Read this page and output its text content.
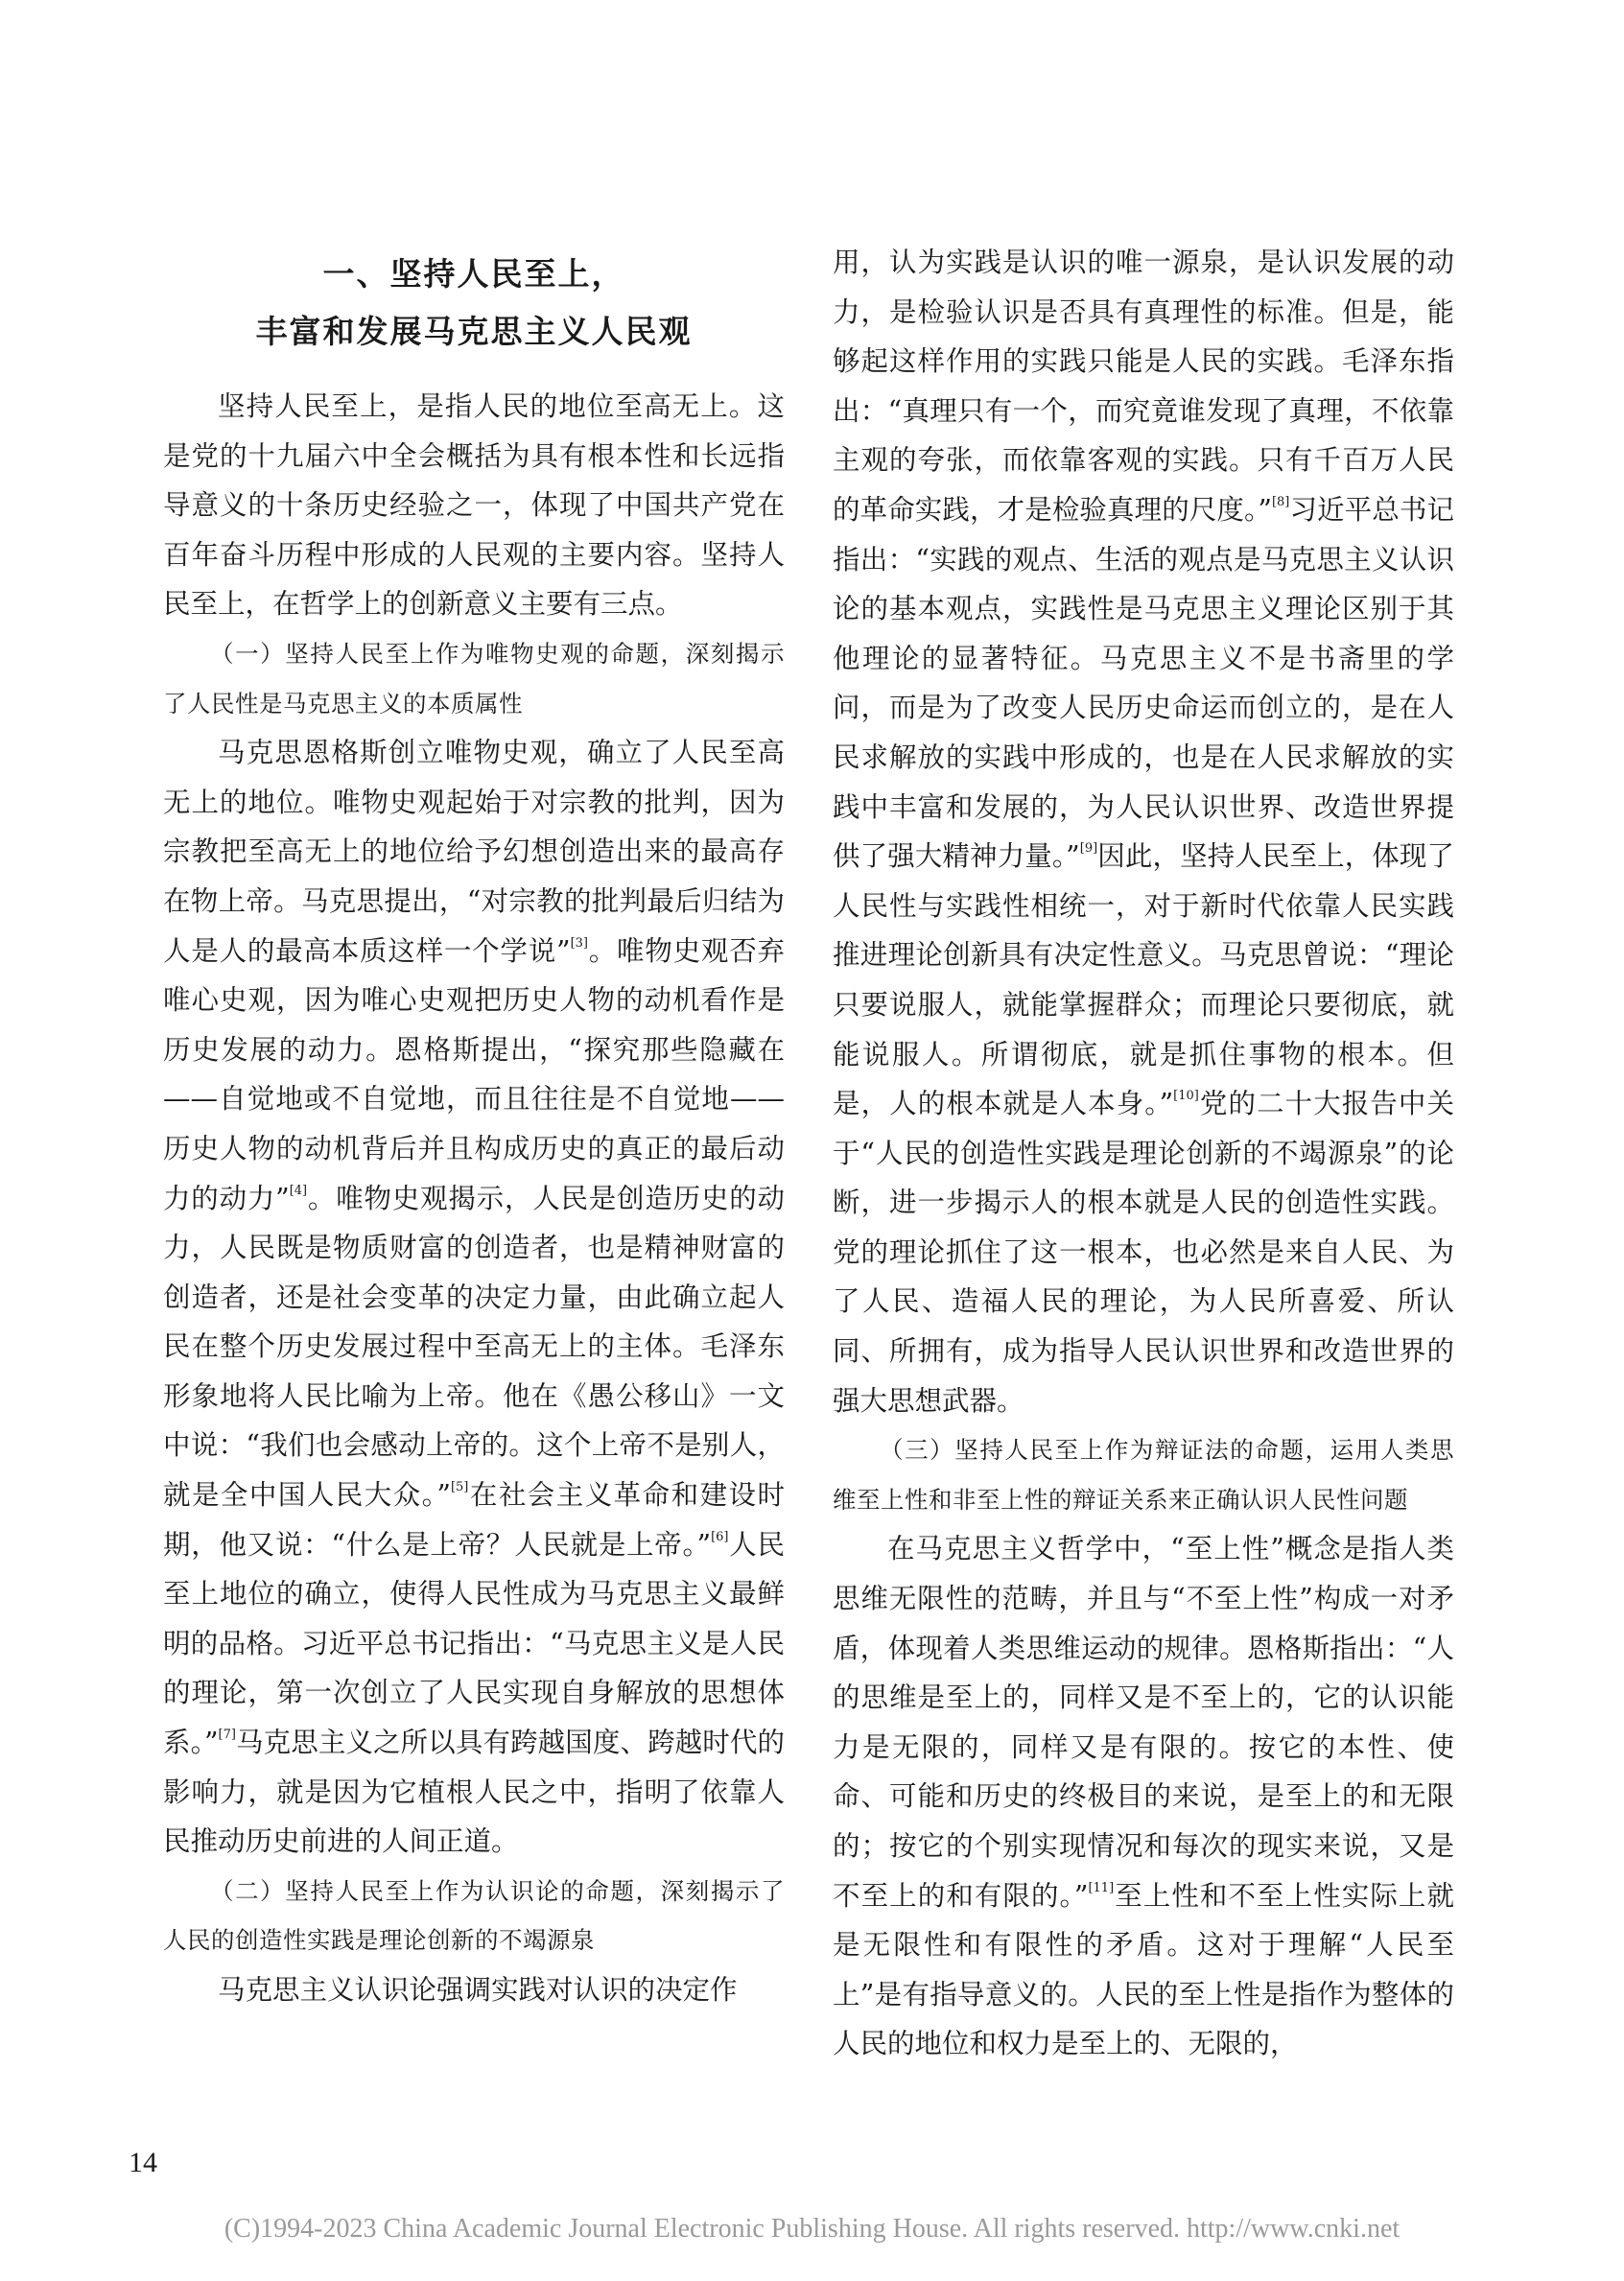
一、坚持人民至上，
丰富和发展马克思主义人民观

坚持人民至上，是指人民的地位至高无上。这是党的十九届六中全会概括为具有根本性和长远指导意义的十条历史经验之一，体现了中国共产党在百年奋斗历程中形成的人民观的主要内容。坚持人民至上，在哲学上的创新意义主要有三点。

（一）坚持人民至上作为唯物史观的命题，深刻揭示了人民性是马克思主义的本质属性

马克思恩格斯创立唯物史观，确立了人民至高无上的地位。唯物史观起始于对宗教的批判，因为宗教把至高无上的地位给予幻想创造出来的最高存在物上帝。马克思提出，“对宗教的批判最后归结为人是人的最高本质这样一个学说”[3]。唯物史观否弃唯心史观，因为唯心史观把历史人物的动机看作是历史发展的动力。恩格斯提出，“探究那些隐藏在——自觉地或不自觉地，而且往往是不自觉地——历史人物的动机背后并且构成历史的真正的最后动力的动力”[4]。唯物史观揭示，人民是创造历史的动力，人民既是物质财富的创造者，也是精神财富的创造者，还是社会变革的决定力量，由此确立起人民在整个历史发展过程中至高无上的主体。毛泽东形象地将人民比喻为上帝。他在《愚公移山》一文中说：“我们也会感动上帝的。这个上帝不是别人，就是全中国人民大众。”[5]在社会主义革命和建设时期，他又说：“什么是上帝？人民就是上帝。”[6]人民至上地位的确立，使得人民性成为马克思主义最鲜明的品格。习近平总书记指出：“马克思主义是人民的理论，第一次创立了人民实现自身解放的思想体系。”[7]马克思主义之所以具有跨越国度、跨越时代的影响力，就是因为它植根人民之中，指明了依靠人民推动历史前进的人间正道。

（二）坚持人民至上作为认识论的命题，深刻揭示了人民的创造性实践是理论创新的不竭源泉

马克思主义认识论强调实践对认识的决定作

用，认为实践是认识的唯一源泉，是认识发展的动力，是检验认识是否具有真理性的标准。但是，能够起这样作用的实践只能是人民的实践。毛泽东指出：“真理只有一个，而究竟谁发现了真理，不依靠主观的夸张，而依靠客观的实践。只有千百万人民的革命实践，才是检验真理的尺度。”[8]习近平总书记指出：“实践的观点、生活的观点是马克思主义认识论的基本观点，实践性是马克思主义理论区别于其他理论的显著特征。马克思主义不是书斋里的学问，而是为了改变人民历史命运而创立的，是在人民求解放的实践中形成的，也是在人民求解放的实践中丰富和发展的，为人民认识世界、改造世界提供了强大精神力量。”[9]因此，坚持人民至上，体现了人民性与实践性相统一，对于新时代依靠人民实践推进理论创新具有决定性意义。马克思曾说：“理论只要说服人，就能掌握群众；而理论只要彻底，就能说服人。所谓彻底，就是抓住事物的根本。但是，人的根本就是人本身。”[10]党的二十大报告中关于“人民的创造性实践是理论创新的不竭源泉”的论断，进一步揭示人的根本就是人民的创造性实践。党的理论抓住了这一根本，也必然是来自人民、为了人民、造福人民的理论，为人民所喜爱、所认同、所拥有，成为指导人民认识世界和改造世界的强大思想武器。

（三）坚持人民至上作为辩证法的命题，运用人类思维至上性和非至上性的辩证关系来正确认识人民性问题

在马克思主义哲学中，“至上性”概念是指人类思维无限性的范畴，并且与“不至上性”构成一对矛盾，体现着人类思维运动的规律。恩格斯指出：“人的思维是至上的，同样又是不至上的，它的认识能力是无限的，同样又是有限的。按它的本性、使命、可能和历史的终极目的来说，是至上的和无限的；按它的个别实现情况和每次的现实来说，又是不至上的和有限的。”[11]至上性和不至上性实际上就是无限性和有限性的矛盾。这对于理解“人民至上”是有指导意义的。人民的至上性是指作为整体的人民的地位和权力是至上的、无限的，

14
(C)1994-2023 China Academic Journal Electronic Publishing House. All rights reserved. http://www.cnki.net
